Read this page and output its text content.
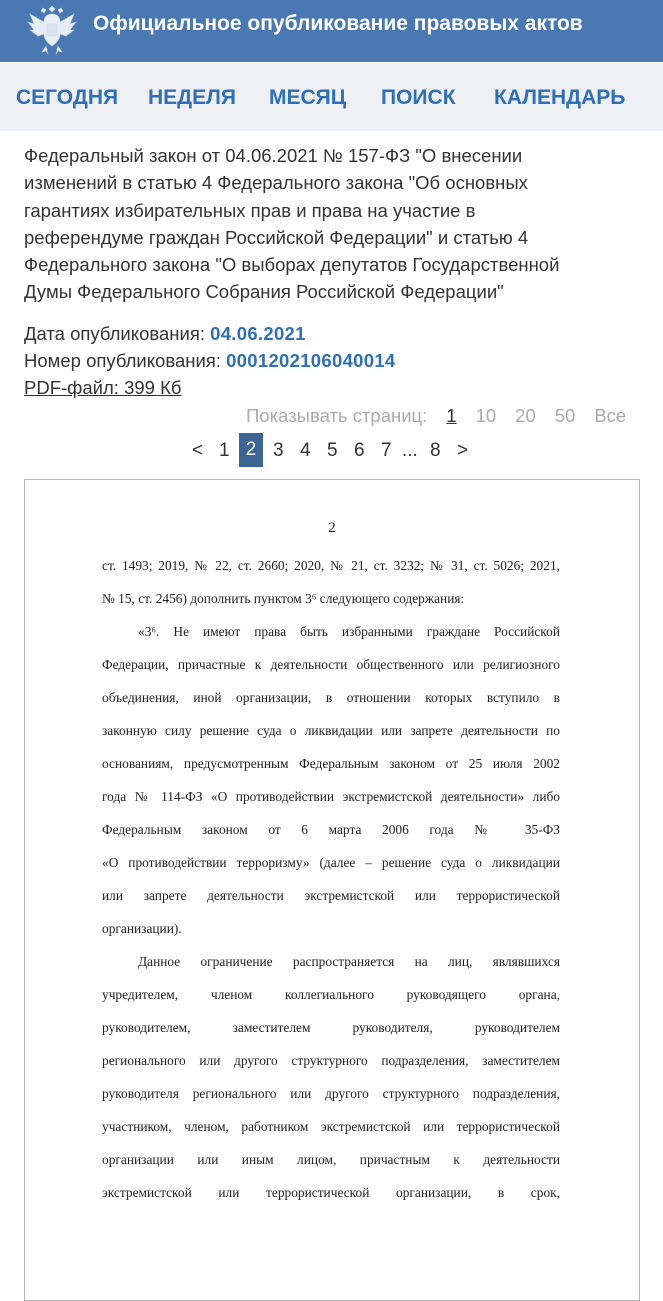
Официальное опубликование правовых актов
СЕГОДНЯ НЕДЕЛЯ МЕСЯЦ ПОИСК КАЛЕНДАРЬ
Федеральный закон от 04.06.2021 № 157-ФЗ "О внесении
изменений в статью 4 Федерального закона "Об основных
гарантиях избирательных прав и права на участие в
референдуме граждан Российской Федерации" и статью 4
Федерального закона "О выборах депутатов Государственной
Думы Федерального Собрания Российской Федерации"
Дата опубликования: 04.06.2021
Номер опубликования: 0001202106040014
PDF-файл: 399 Кб
Показывать страниц: 1 10 20 50 Все
< 1 2 3 4 5 6 7 ... 8 >
2
ст. 1493; 2019, № 22, ст. 2660; 2020, № 21, ст. 3232; № 31, ст. 5026; 2021,
№ 15, ст. 2456) дополнить пунктом 3⁶ следующего содержания:
«3⁶. Не имеют права быть избранными граждане Российской
Федерации, причастные к деятельности общественного или религиозного
объединения, иной организации, в отношении которых вступило в
законную силу решение суда о ликвидации или запрете деятельности по
основаниям, предусмотренным Федеральным законом от 25 июля 2002
года № 114-ФЗ «О противодействии экстремистской деятельности» либо
Федеральным законом от 6 марта 2006 года № 35-ФЗ
«О противодействии терроризму» (далее – решение суда о ликвидации
или запрете деятельности экстремистской или террористической
организации).
Данное ограничение распространяется на лиц, являвшихся
учредителем, членом коллегиального руководящего органа,
руководителем, заместителем руководителя, руководителем
регионального или другого структурного подразделения, заместителем
руководителя регионального или другого структурного подразделения,
участником, членом, работником экстремистской или террористической
организации или иным лицом, причастным к деятельности
экстремистской или террористической организации, в срок,
